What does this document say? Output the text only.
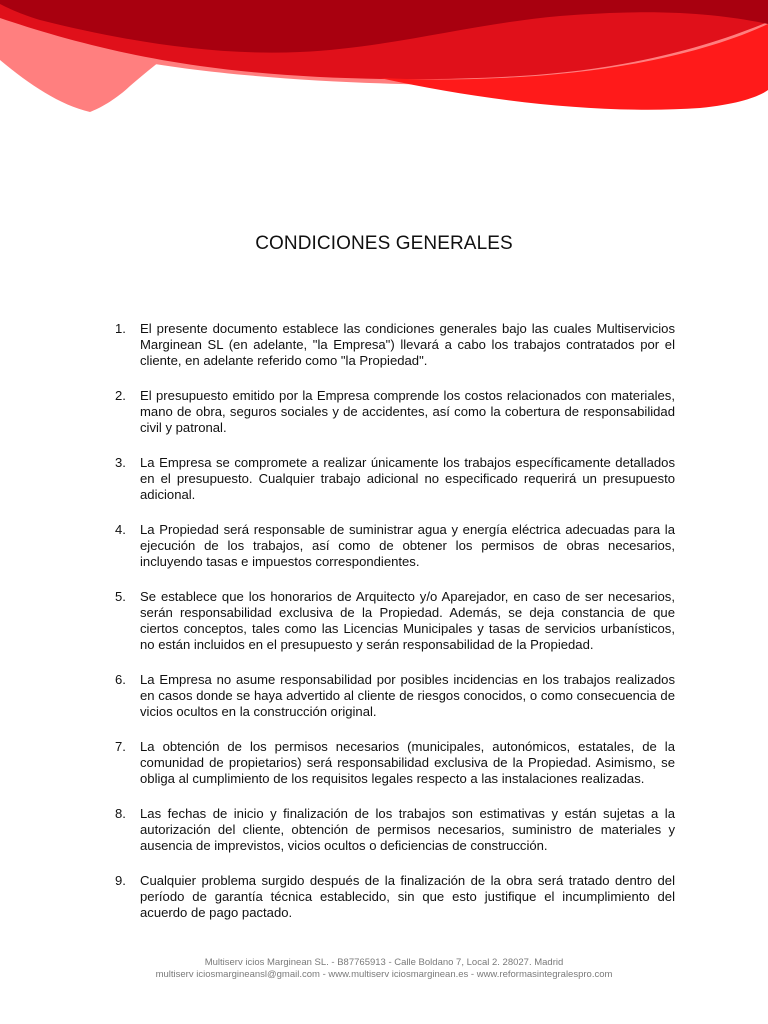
CONDICIONES GENERALES
1. El presente documento establece las condiciones generales bajo las cuales Multiservicios Marginean SL (en adelante, "la Empresa") llevará a cabo los trabajos contratados por el cliente, en adelante referido como "la Propiedad".
2. El presupuesto emitido por la Empresa comprende los costos relacionados con materiales, mano de obra, seguros sociales y de accidentes, así como la cobertura de responsabilidad civil y patronal.
3. La Empresa se compromete a realizar únicamente los trabajos específicamente detallados en el presupuesto. Cualquier trabajo adicional no especificado requerirá un presupuesto adicional.
4. La Propiedad será responsable de suministrar agua y energía eléctrica adecuadas para la ejecución de los trabajos, así como de obtener los permisos de obras necesarios, incluyendo tasas e impuestos correspondientes.
5. Se establece que los honorarios de Arquitecto y/o Aparejador, en caso de ser necesarios, serán responsabilidad exclusiva de la Propiedad. Además, se deja constancia de que ciertos conceptos, tales como las Licencias Municipales y tasas de servicios urbanísticos, no están incluidos en el presupuesto y serán responsabilidad de la Propiedad.
6. La Empresa no asume responsabilidad por posibles incidencias en los trabajos realizados en casos donde se haya advertido al cliente de riesgos conocidos, o como consecuencia de vicios ocultos en la construcción original.
7. La obtención de los permisos necesarios (municipales, autonómicos, estatales, de la comunidad de propietarios) será responsabilidad exclusiva de la Propiedad. Asimismo, se obliga al cumplimiento de los requisitos legales respecto a las instalaciones realizadas.
8. Las fechas de inicio y finalización de los trabajos son estimativas y están sujetas a la autorización del cliente, obtención de permisos necesarios, suministro de materiales y ausencia de imprevistos, vicios ocultos o deficiencias de construcción.
9. Cualquier problema surgido después de la finalización de la obra será tratado dentro del período de garantía técnica establecido, sin que esto justifique el incumplimiento del acuerdo de pago pactado.
Multiserv icios Marginean SL. - B87765913 - Calle Boldano 7, Local 2. 28027. Madrid
multiserv iciosmargineansl@gmail.com - www.multiserv iciosmarginean.es - www.reformasintegralespro.com
